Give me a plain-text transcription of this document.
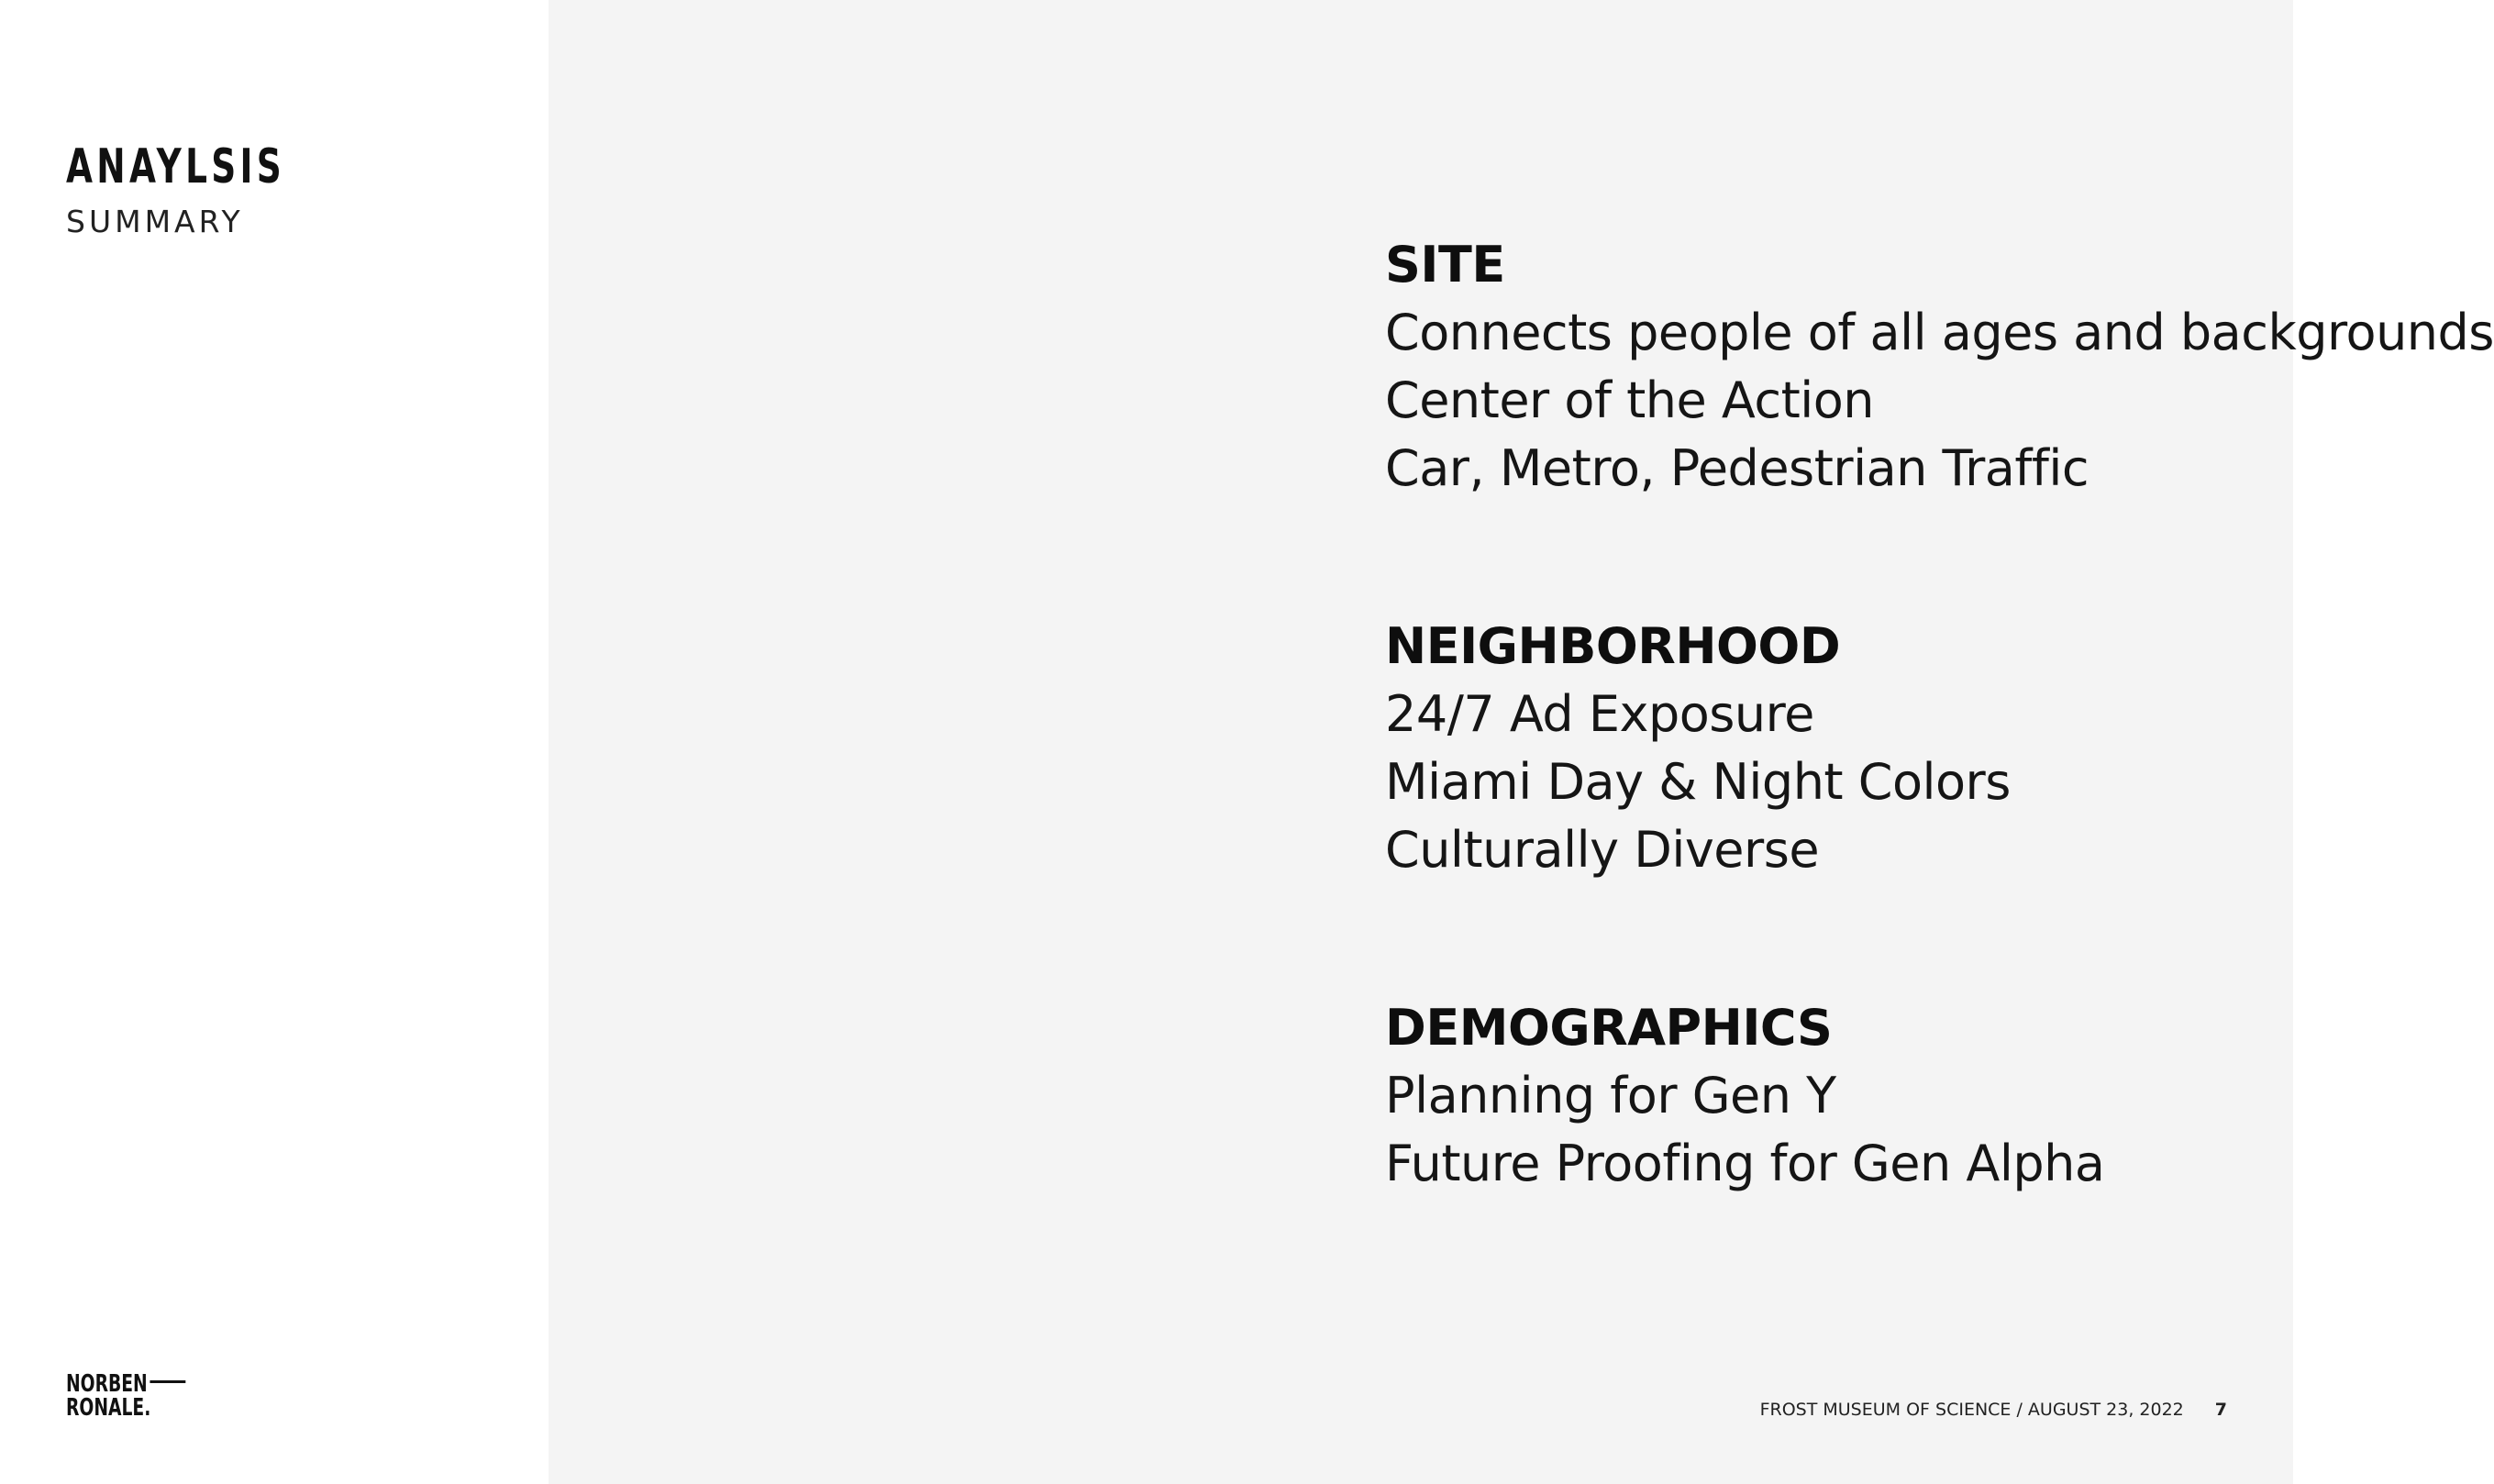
ANAYLSIS
SUMMARY
NORBEN
RONALE.
SITE
Connects people of all ages and backgrounds
Center of the Action
Car, Metro, Pedestrian Traffic
NEIGHBORHOOD
24/7 Ad Exposure
Miami Day & Night Colors
Culturally Diverse
DEMOGRAPHICS
Planning for Gen Y
Future Proofing for Gen Alpha
FROST MUSEUM OF SCIENCE / AUGUST 23, 2022 7
